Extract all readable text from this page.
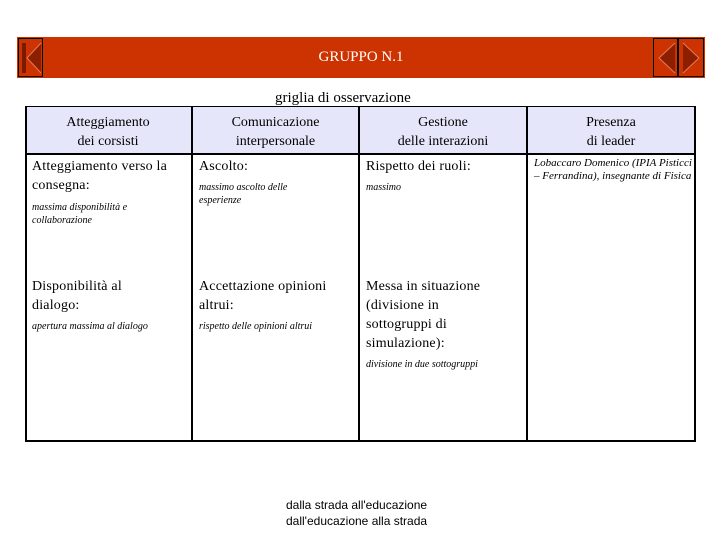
GRUPPO N.1
griglia di osservazione
Atteggiamento
dei corsisti
Comunicazione
interpersonale
Gestione
delle interazioni
Presenza
di leader
Atteggiamento verso la consegna:
massima disponibilità e collaborazione
Disponibilità al dialogo:
apertura massima al dialogo
Ascolto:
massimo ascolto delle esperienze
Accettazione opinioni altrui:
rispetto delle opinioni altrui
Rispetto dei ruoli:
massimo
Messa in situazione (divisione in sottogruppi di simulazione):
divisione in due sottogruppi
Lobaccaro Domenico (IPIA Pisticci – Ferrandina), insegnante di Fisica
dalla strada all'educazione
dall'educazione alla strada
